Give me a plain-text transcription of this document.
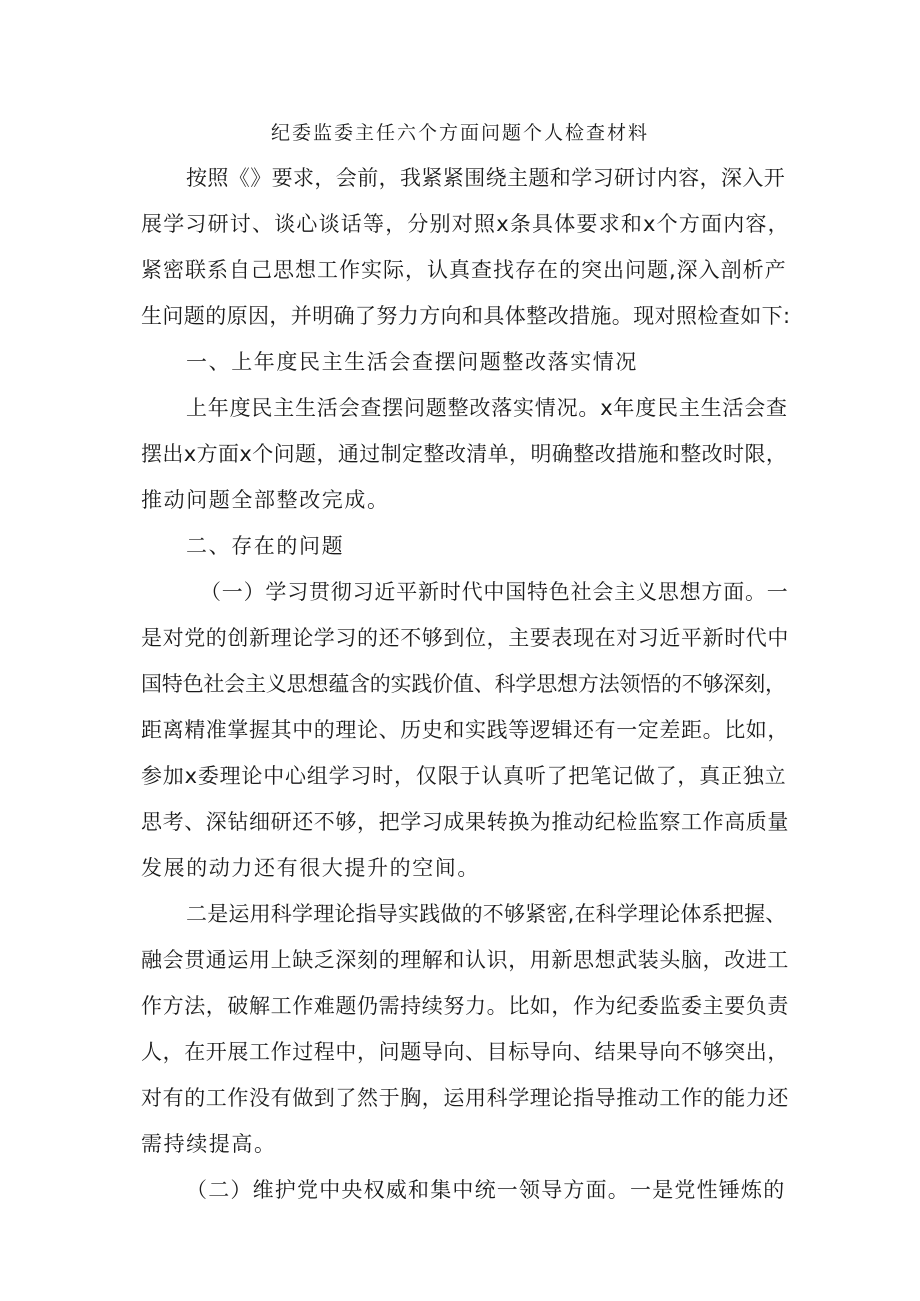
纪委监委主任六个方面问题个人检查材料
按照《》要求，会前，我紧紧围绕主题和学习研讨内容，深入开
展学习研讨、谈心谈话等，分别对照x条具体要求和x个方面内容，
紧密联系自己思想工作实际，认真查找存在的突出问题,深入剖析产
生问题的原因，并明确了努力方向和具体整改措施。现对照检查如下:
一、上年度民主生活会查摆问题整改落实情况
上年度民主生活会查摆问题整改落实情况。x年度民主生活会查
摆出x方面x个问题，通过制定整改清单，明确整改措施和整改时限，
推动问题全部整改完成。
二、存在的问题
（一）学习贯彻习近平新时代中国特色社会主义思想方面。一
是对党的创新理论学习的还不够到位，主要表现在对习近平新时代中
国特色社会主义思想蕴含的实践价值、科学思想方法领悟的不够深刻，
距离精准掌握其中的理论、历史和实践等逻辑还有一定差距。比如，
参加x委理论中心组学习时，仅限于认真听了把笔记做了，真正独立
思考、深钻细研还不够，把学习成果转换为推动纪检监察工作高质量
发展的动力还有很大提升的空间。
二是运用科学理论指导实践做的不够紧密,在科学理论体系把握、
融会贯通运用上缺乏深刻的理解和认识，用新思想武装头脑，改进工
作方法，破解工作难题仍需持续努力。比如，作为纪委监委主要负责
人，在开展工作过程中，问题导向、目标导向、结果导向不够突出，
对有的工作没有做到了然于胸，运用科学理论指导推动工作的能力还
需持续提高。
（二）维护党中央权威和集中统一领导方面。一是党性锤炼的
